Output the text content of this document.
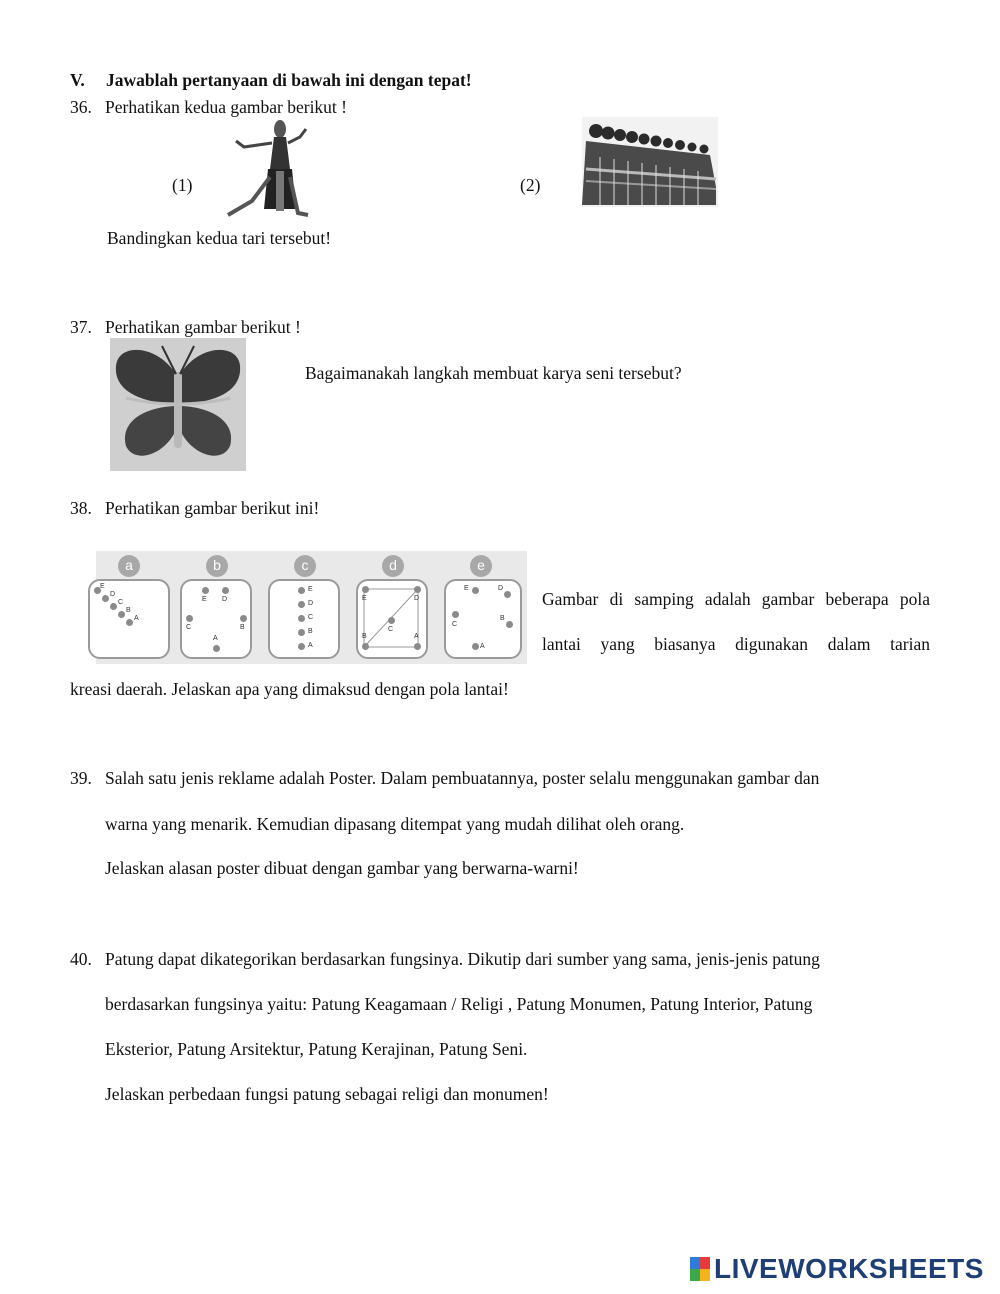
V. Jawablah pertanyaan di bawah ini dengan tepat!
36. Perhatikan kedua gambar berikut !
(1)	(2)
Bandingkan kedua tari tersebut!
37. Perhatikan gambar berikut !
Bagaimanakah langkah membuat karya seni tersebut?
38. Perhatikan gambar berikut ini!
a
E
D
C
B
A
b
E D
C	B
A
c
E
D
C
B
A
d
E	D
C
B	A
e
E	D
C
B
A
Gambar di samping adalah gambar beberapa pola
lantai yang biasanya digunakan dalam tarian
kreasi daerah. Jelaskan apa yang dimaksud dengan pola lantai!
39. Salah satu jenis reklame adalah Poster. Dalam pembuatannya, poster selalu menggunakan gambar dan
warna yang menarik. Kemudian dipasang ditempat yang mudah dilihat oleh orang.
Jelaskan alasan poster dibuat dengan gambar yang berwarna-warni!
40. Patung dapat dikategorikan berdasarkan fungsinya. Dikutip dari sumber yang sama, jenis-jenis patung
berdasarkan fungsinya yaitu: Patung Keagamaan / Religi , Patung Monumen, Patung Interior, Patung
Eksterior, Patung Arsitektur, Patung Kerajinan, Patung Seni.
Jelaskan perbedaan fungsi patung sebagai religi dan monumen!
LIVEWORKSHEETS
